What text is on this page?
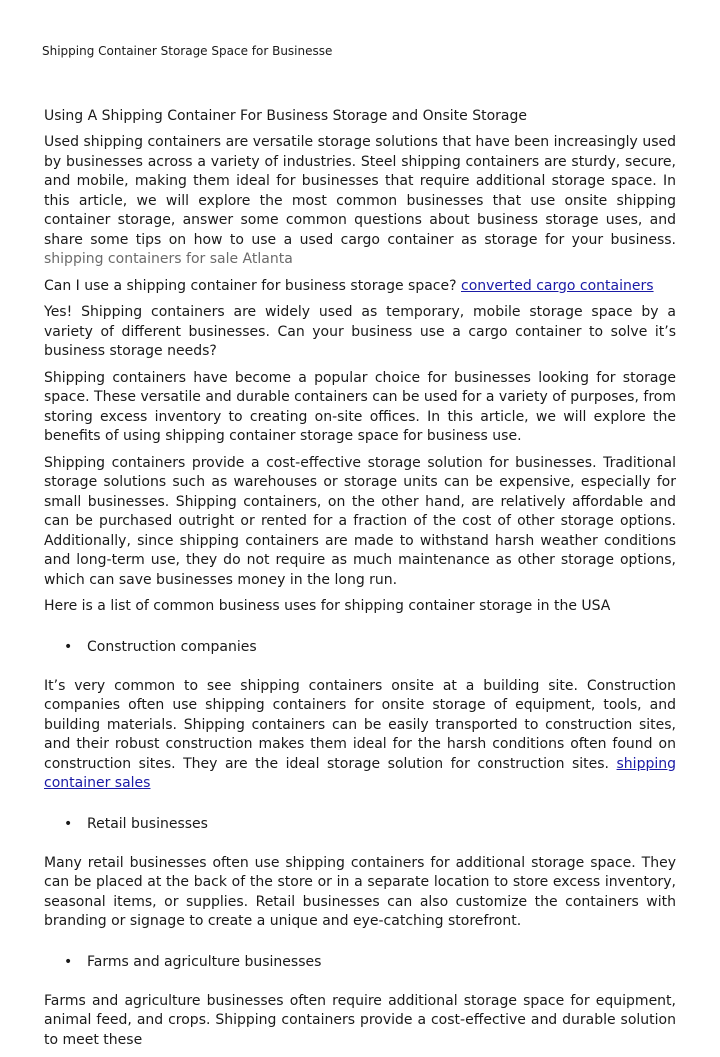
Shipping Container Storage Space for Businesse
Using A Shipping Container For Business Storage and Onsite Storage

Used shipping containers are versatile storage solutions that have been increasingly used by businesses across a variety of industries. Steel shipping containers are sturdy, secure, and mobile, making them ideal for businesses that require additional storage space. In this article, we will explore the most common businesses that use onsite shipping container storage, answer some common questions about business storage uses, and share some tips on how to use a used cargo container as storage for your business. shipping containers for sale Atlanta

Can I use a shipping container for business storage space? converted cargo containers

Yes! Shipping containers are widely used as temporary, mobile storage space by a variety of different businesses. Can your business use a cargo container to solve it’s business storage needs?

Shipping containers have become a popular choice for businesses looking for storage space. These versatile and durable containers can be used for a variety of purposes, from storing excess inventory to creating on-site offices. In this article, we will explore the benefits of using shipping container storage space for business use.

Shipping containers provide a cost-effective storage solution for businesses. Traditional storage solutions such as warehouses or storage units can be expensive, especially for small businesses. Shipping containers, on the other hand, are relatively affordable and can be purchased outright or rented for a fraction of the cost of other storage options. Additionally, since shipping containers are made to withstand harsh weather conditions and long-term use, they do not require as much maintenance as other storage options, which can save businesses money in the long run.

Here is a list of common business uses for shipping container storage in the USA

• Construction companies

It’s very common to see shipping containers onsite at a building site. Construction companies often use shipping containers for onsite storage of equipment, tools, and building materials. Shipping containers can be easily transported to construction sites, and their robust construction makes them ideal for the harsh conditions often found on construction sites. They are the ideal storage solution for construction sites. shipping container sales

• Retail businesses

Many retail businesses often use shipping containers for additional storage space. They can be placed at the back of the store or in a separate location to store excess inventory, seasonal items, or supplies. Retail businesses can also customize the containers with branding or signage to create a unique and eye-catching storefront.

• Farms and agriculture businesses

Farms and agriculture businesses often require additional storage space for equipment, animal feed, and crops. Shipping containers provide a cost-effective and durable solution to meet these
